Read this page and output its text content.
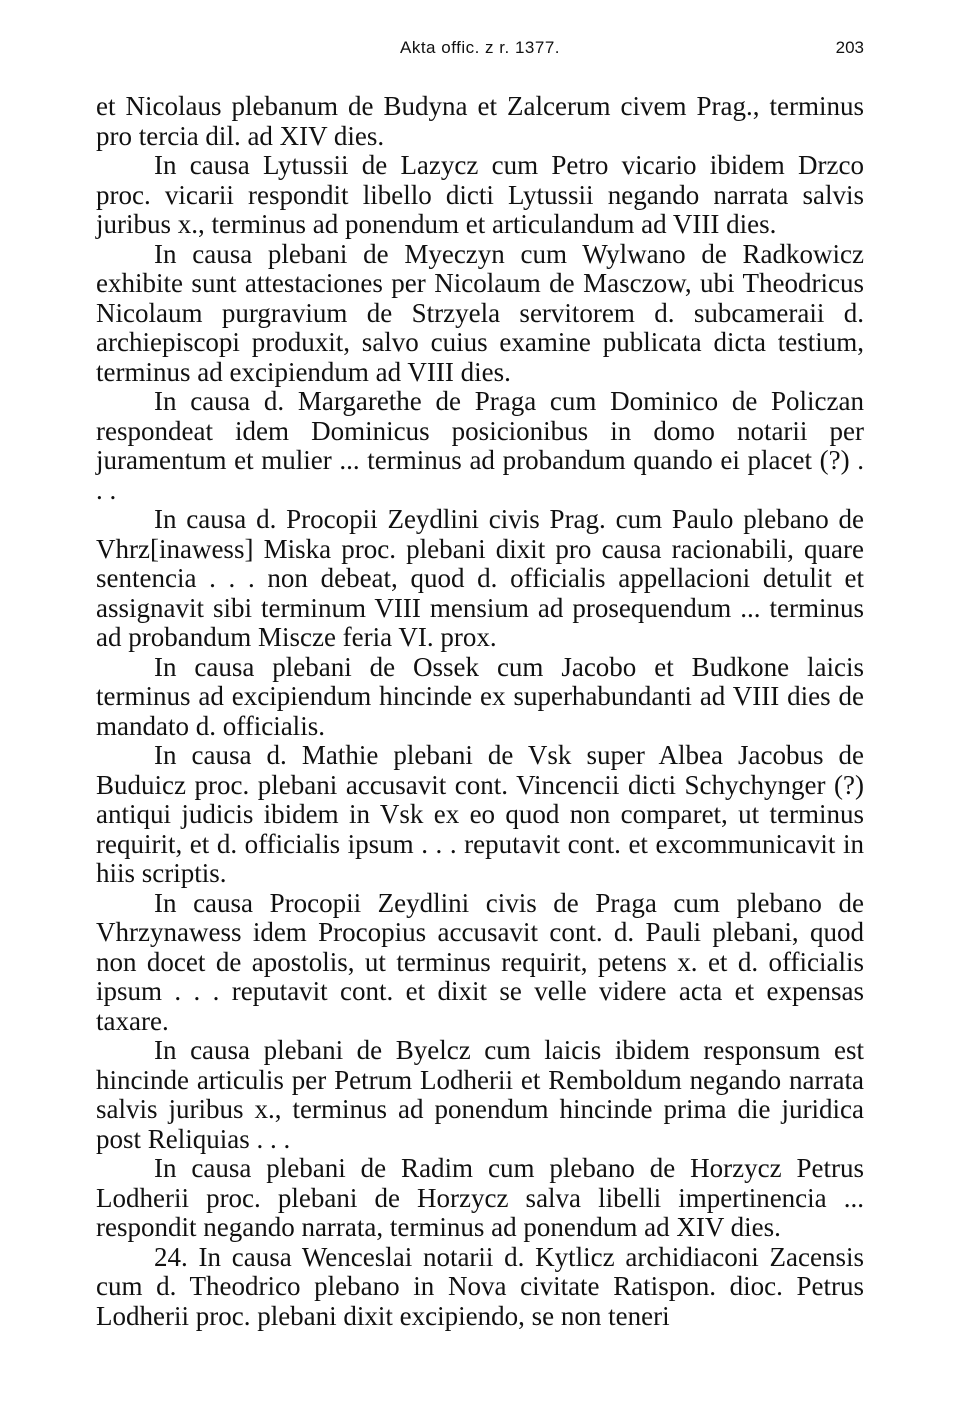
Akta offic. z r. 1377.	203

et Nicolaus plebanum de Budyna et Zalcerum civem Prag., terminus pro tercia dil. ad XIV dies.

In causa Lytussii de Lazycz cum Petro vicario ibidem Drzco proc. vicarii respondit libello dicti Lytussii negando narrata salvis juribus x., terminus ad ponendum et articulandum ad VIII dies.

In causa plebani de Myeczyn cum Wylwano de Radkowicz exhibite sunt attestaciones per Nicolaum de Masczow, ubi Theodricus Nicolaum purgravium de Strzyela servitorem d. subcameraii d. archiepiscopi produxit, salvo cuius examine publicata dicta testium, terminus ad excipiendum ad VIII dies.

In causa d. Margarethe de Praga cum Dominico de Policzan respondeat idem Dominicus posicionibus in domo notarii per juramentum et mulier ... terminus ad probandum quando ei placet (?) . . .

In causa d. Procopii Zeydlini civis Prag. cum Paulo plebano de Vhrz[inawess] Miska proc. plebani dixit pro causa racionabili, quare sentencia . . . non debeat, quod d. officialis appellacioni detulit et assignavit sibi terminum VIII mensium ad prosequendum ... terminus ad probandum Miscze feria VI. prox.

In causa plebani de Ossek cum Jacobo et Budkone laicis terminus ad excipiendum hincinde ex superhabundanti ad VIII dies de mandato d. officialis.

In causa d. Mathie plebani de Vsk super Albea Jacobus de Buduicz proc. plebani accusavit cont. Vincencii dicti Schychynger (?) antiqui judicis ibidem in Vsk ex eo quod non comparet, ut terminus requirit, et d. officialis ipsum . . . reputavit cont. et excommunicavit in hiis scriptis.

In causa Procopii Zeydlini civis de Praga cum plebano de Vhrzynawess idem Procopius accusavit cont. d. Pauli plebani, quod non docet de apostolis, ut terminus requirit, petens x. et d. officialis ipsum . . . reputavit cont. et dixit se velle videre acta et expensas taxare.

In causa plebani de Byelcz cum laicis ibidem responsum est hincinde articulis per Petrum Lodherii et Remboldum negando narrata salvis juribus x., terminus ad ponendum hincinde prima die juridica post Reliquias . . .

In causa plebani de Radim cum plebano de Horzycz Petrus Lodherii proc. plebani de Horzycz salva libelli impertinencia ... respondit negando narrata, terminus ad ponendum ad XIV dies.

24. In causa Wenceslai notarii d. Kytlicz archidiaconi Zacensis cum d. Theodrico plebano in Nova civitate Ratispon. dioc. Petrus Lodherii proc. plebani dixit excipiendo, se non teneri
